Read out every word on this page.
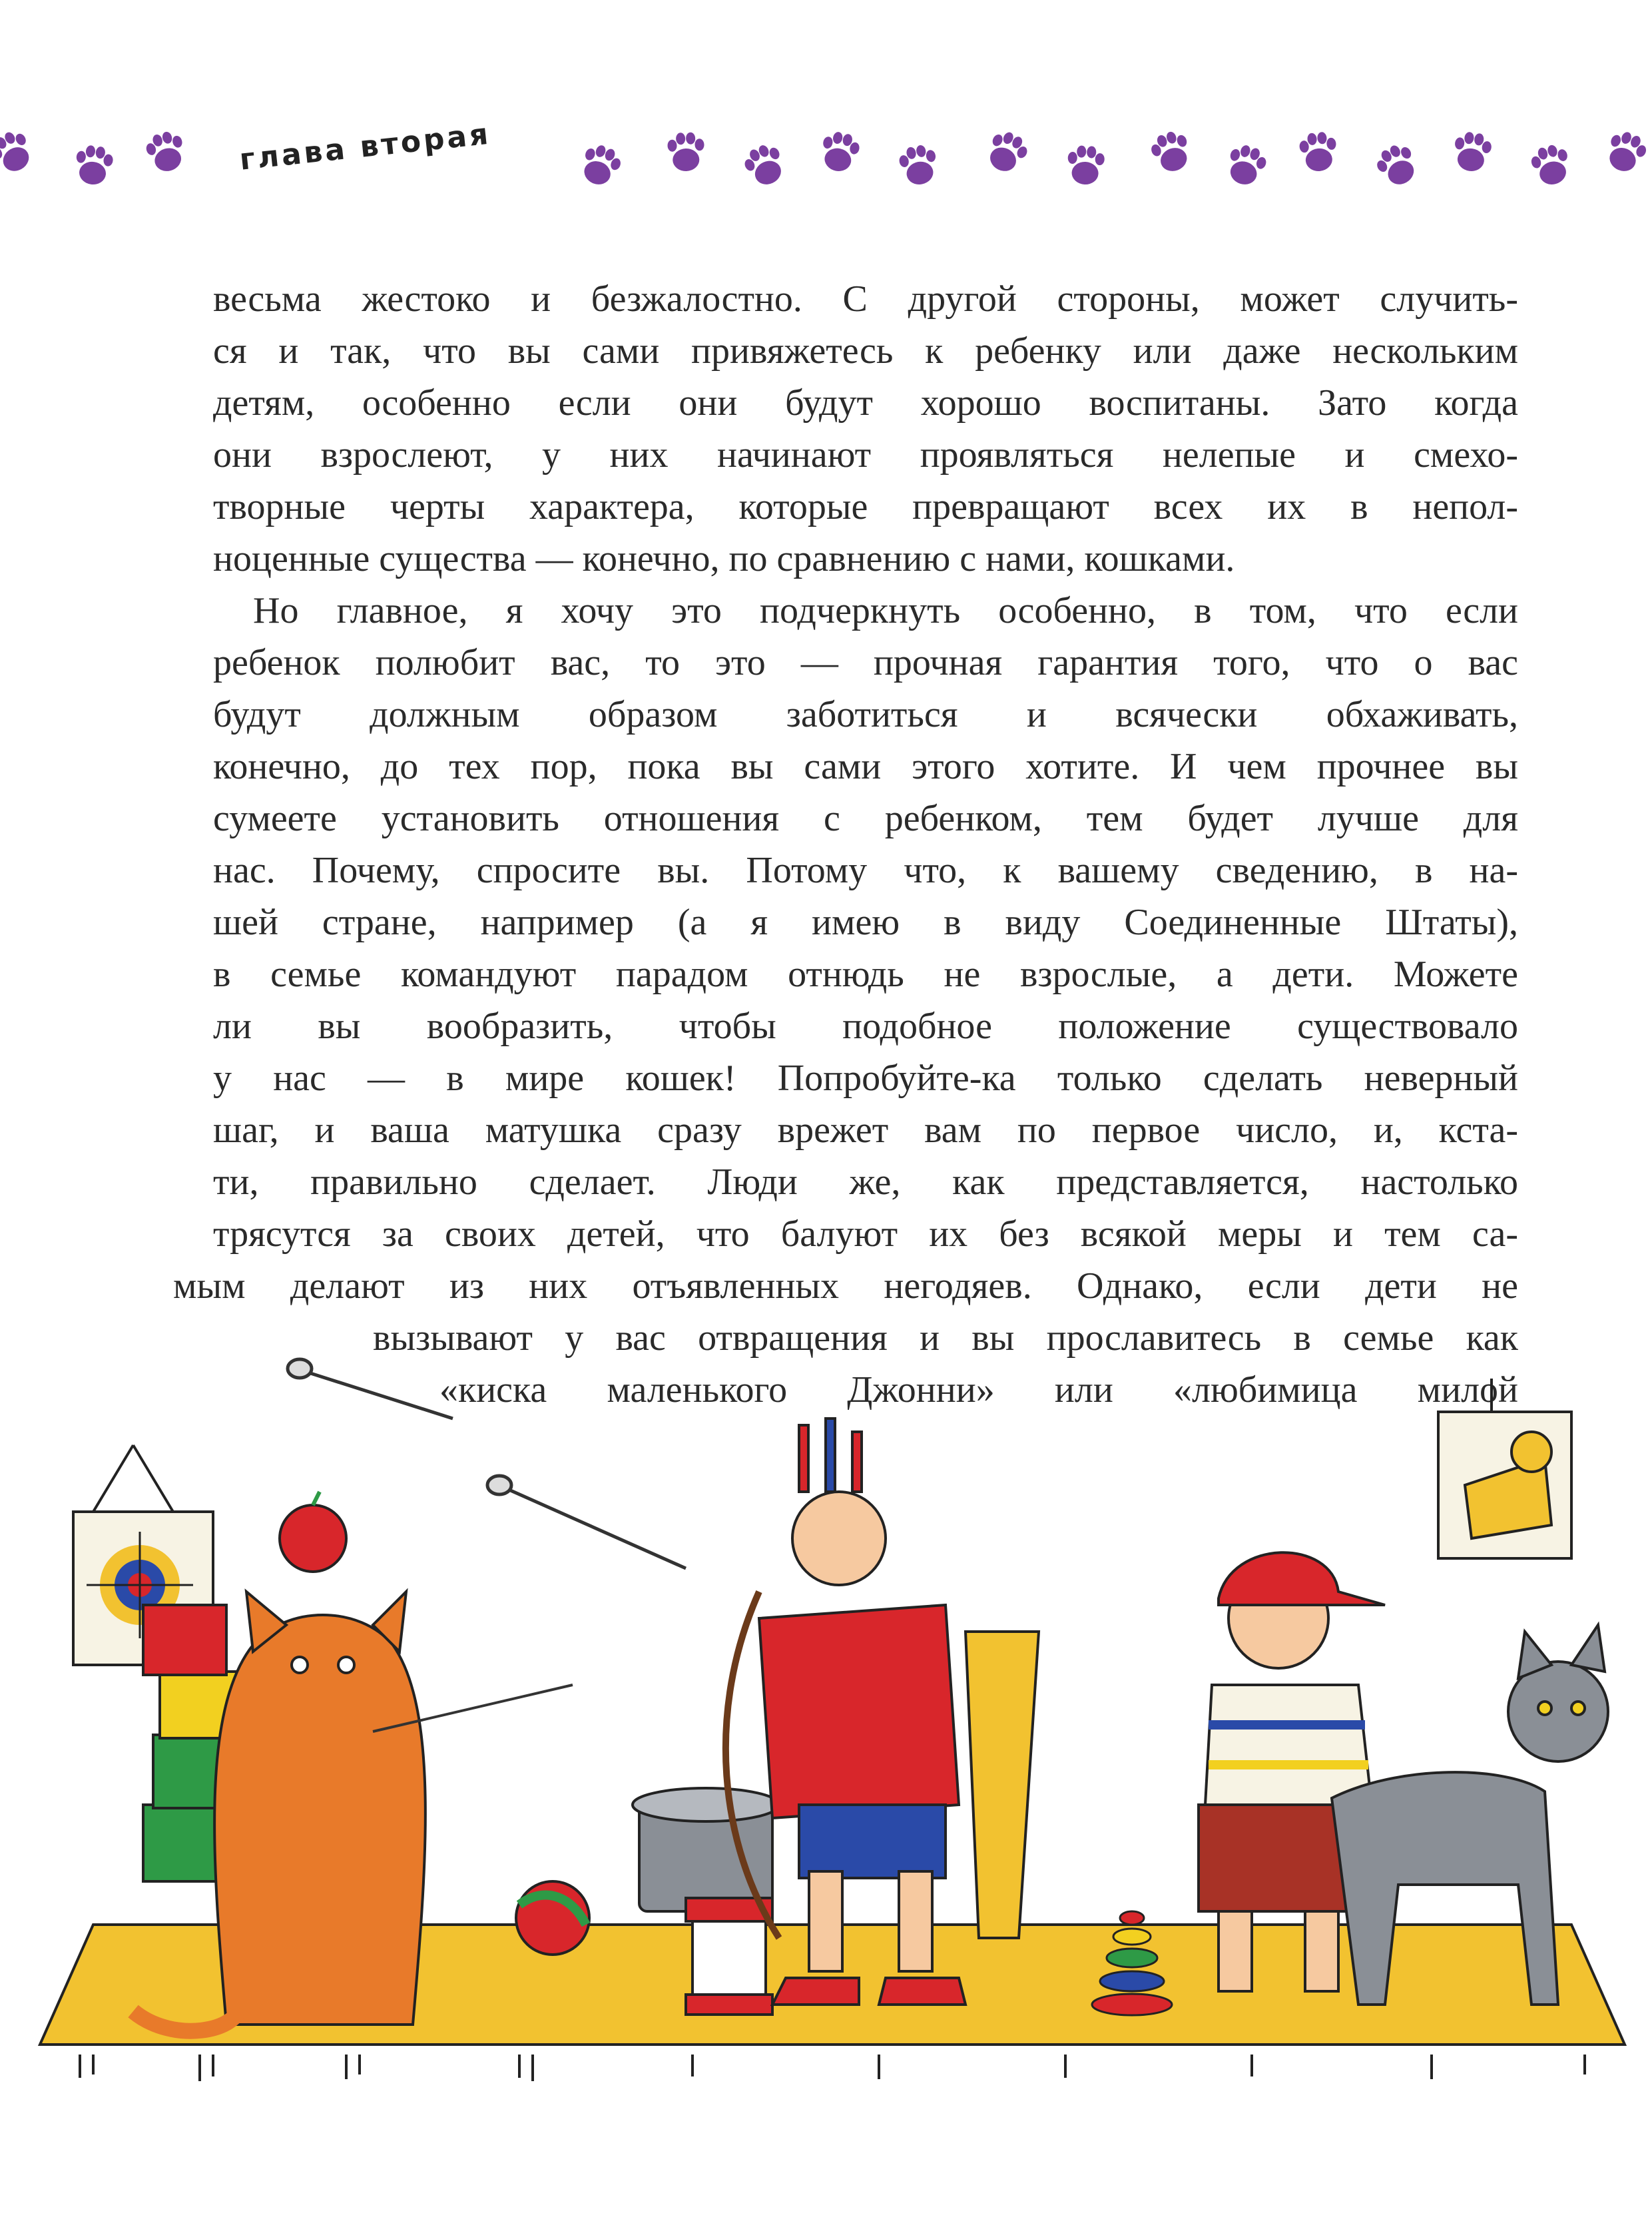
глава вторая
весьма жестоко и безжалостно. С другой стороны, может случить-
ся и так, что вы сами привяжетесь к ребенку или даже нескольким
детям, особенно если они будут хорошо воспитаны. Зато когда
они взрослеют, у них начинают проявляться нелепые и смехо-
творные черты характера, которые превращают всех их в непол-
ноценные существа — конечно, по сравнению с нами, кошками.
Но главное, я хочу это подчеркнуть особенно, в том, что если
ребенок полюбит вас, то это — прочная гарантия того, что о вас
будут должным образом заботиться и всячески обхаживать,
конечно, до тех пор, пока вы сами этого хотите. И чем прочнее вы
сумеете установить отношения с ребенком, тем будет лучше для
нас. Почему, спросите вы. Потому что, к вашему сведению, в на-
шей стране, например (а я имею в виду Соединенные Штаты),
в семье командуют парадом отнюдь не взрослые, а дети. Можете
ли вы вообразить, чтобы подобное положение существовало
у нас — в мире кошек! Попробуйте-ка только сделать неверный
шаг, и ваша матушка сразу врежет вам по первое число, и, кста-
ти, правильно сделает. Люди же, как представляется, настолько
трясутся за своих детей, что балуют их без всякой меры и тем са-
мым делают из них отъявленных негодяев. Однако, если дети не
вызывают у вас отвращения и вы прославитесь в семье как
«киска маленького Джонни» или «любимица милой
